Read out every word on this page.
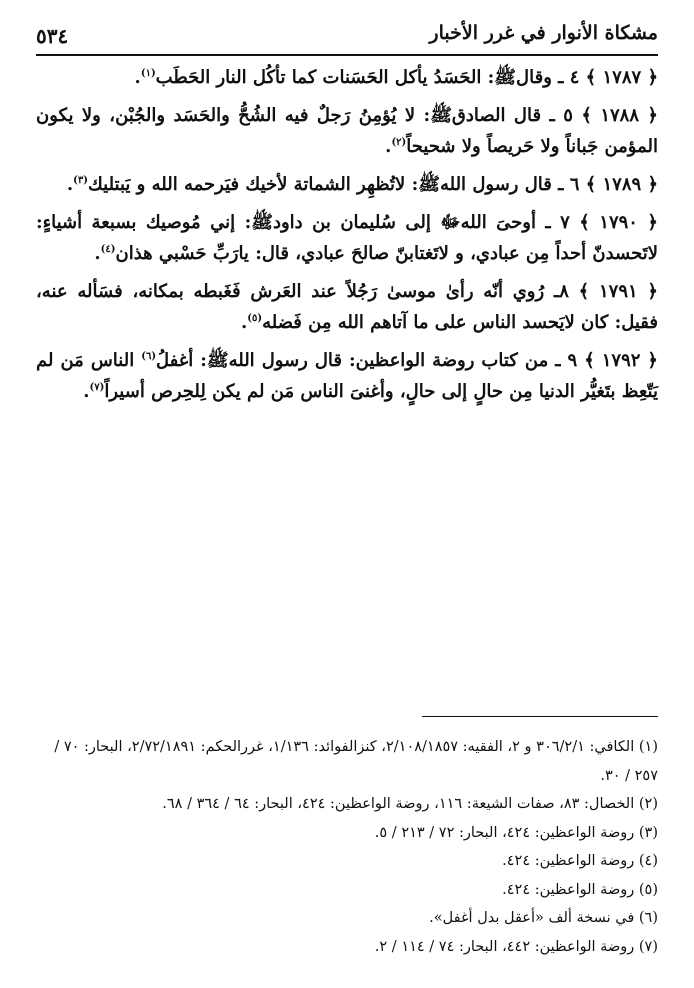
مشكاة الأنوار في غرر الأخبار
٥٣٤

﴿ ١٧٨٧ ﴾ ٤ ـ وقالﷺ: الحَسَدُ يأكل الحَسَنات كما تأكُل النار الحَطَب$^{(١)}$.

﴿ ١٧٨٨ ﴾ ٥ ـ قال الصادقﷺ: لا يُؤمِنُ رَجلٌ فيه الشُحُّ والحَسَد والجُبْن، ولا يكون المؤمن جَباناً ولا حَريصاً ولا شحيحاً$^{(٢)}$.

﴿ ١٧٨٩ ﴾ ٦ ـ قال رسول اللهﷺ: لاتُظهِر الشماتة لأخيك فيَرحمه الله و يَبتليك$^{(٣)}$.

﴿ ١٧٩٠ ﴾ ٧ ـ أوحىَ اللهﷻ إلى سُليمان بن داودﷺ: إني مُوصيك بسبعة أشياءٍ: لاتَحسدنّ أحداً مِن عبادي، و لاتَغتابنّ صالحَ عبادي، قال: يارَبِّ حَسْبي هذان$^{(٤)}$.

﴿ ١٧٩١ ﴾ ٨ـ رُوي أنّه رأىٰ موسىٰ رَجُلاً عند العَرش فَغَبطه بمكانه، فسَأله عنه، فقيل: كان لايَحسد الناس على ما آتاهم الله مِن فَضله$^{(٥)}$.

﴿ ١٧٩٢ ﴾ ٩ ـ من كتاب روضة الواعظين: قال رسول اللهﷺ: أغفلُ$^{(٦)}$ الناس مَن لم يَتّعِظ بتَغيُّر الدنيا مِن حالٍ إلى حالٍ، وأغنىَ الناس مَن لم يكن لِلحِرص أسيراً$^{(٧)}$.

(١) الكافي: ٣٠٦/٢/١ و ٢، الفقيه: ٢/١٠٨/١٨٥٧، كنزالفوائد: ١/١٣٦، غررالحكم: ٢/٧٢/١٨٩١، البحار: ٧٠ / ٢٥٧ / ٣٠.

(٢) الخصال: ٨٣، صفات الشيعة: ١١٦، روضة الواعظين: ٤٢٤، البحار: ٦٤ / ٣٦٤ / ٦٨.

(٣) روضة الواعظين: ٤٢٤، البحار: ٧٢ / ٢١٣ / ٥.

(٤) روضة الواعظين: ٤٢٤.

(٥) روضة الواعظين: ٤٢٤.

(٦) في نسخة ألف «أعقل بدل أغفل».

(٧) روضة الواعظين: ٤٤٢، البحار: ٧٤ / ١١٤ / ٢.
